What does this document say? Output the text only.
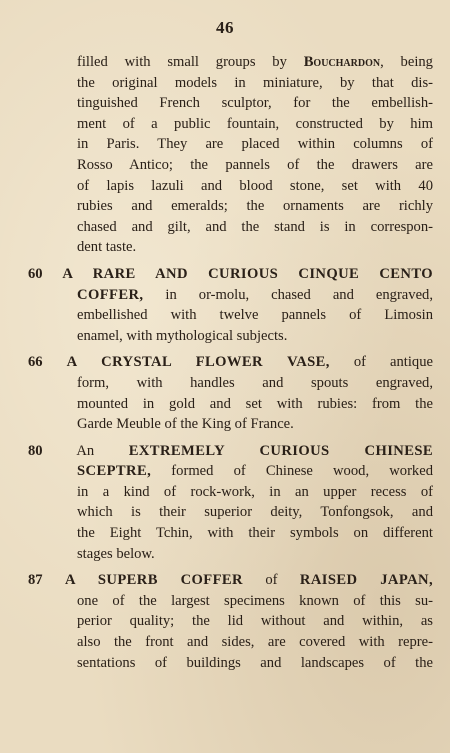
46
filled with small groups by Bouchardon, being
the original models in miniature, by that dis-
tinguished French sculptor, for the embellish-
ment of a public fountain, constructed by him
in Paris. They are placed within columns of
Rosso Antico; the pannels of the drawers are
of lapis lazuli and blood stone, set with 40
rubies and emeralds; the ornaments are richly
chased and gilt, and the stand is in correspon-
dent taste.
60 A RARE AND CURIOUS CINQUE CENTO
COFFER, in or-molu, chased and engraved,
embellished with twelve pannels of Limosin
enamel, with mythological subjects.
66 A CRYSTAL FLOWER VASE, of antique
form, with handles and spouts engraved,
mounted in gold and set with rubies: from the
Garde Meuble of the King of France.
80 An EXTREMELY CURIOUS CHINESE
SCEPTRE, formed of Chinese wood, worked
in a kind of rock-work, in an upper recess of
which is their superior deity, Tonfongsok, and
the Eight Tchin, with their symbols on different
stages below.
87 A SUPERB COFFER of RAISED JAPAN,
one of the largest specimens known of this su-
perior quality; the lid without and within, as
also the front and sides, are covered with repre-
sentations of buildings and landscapes of the
